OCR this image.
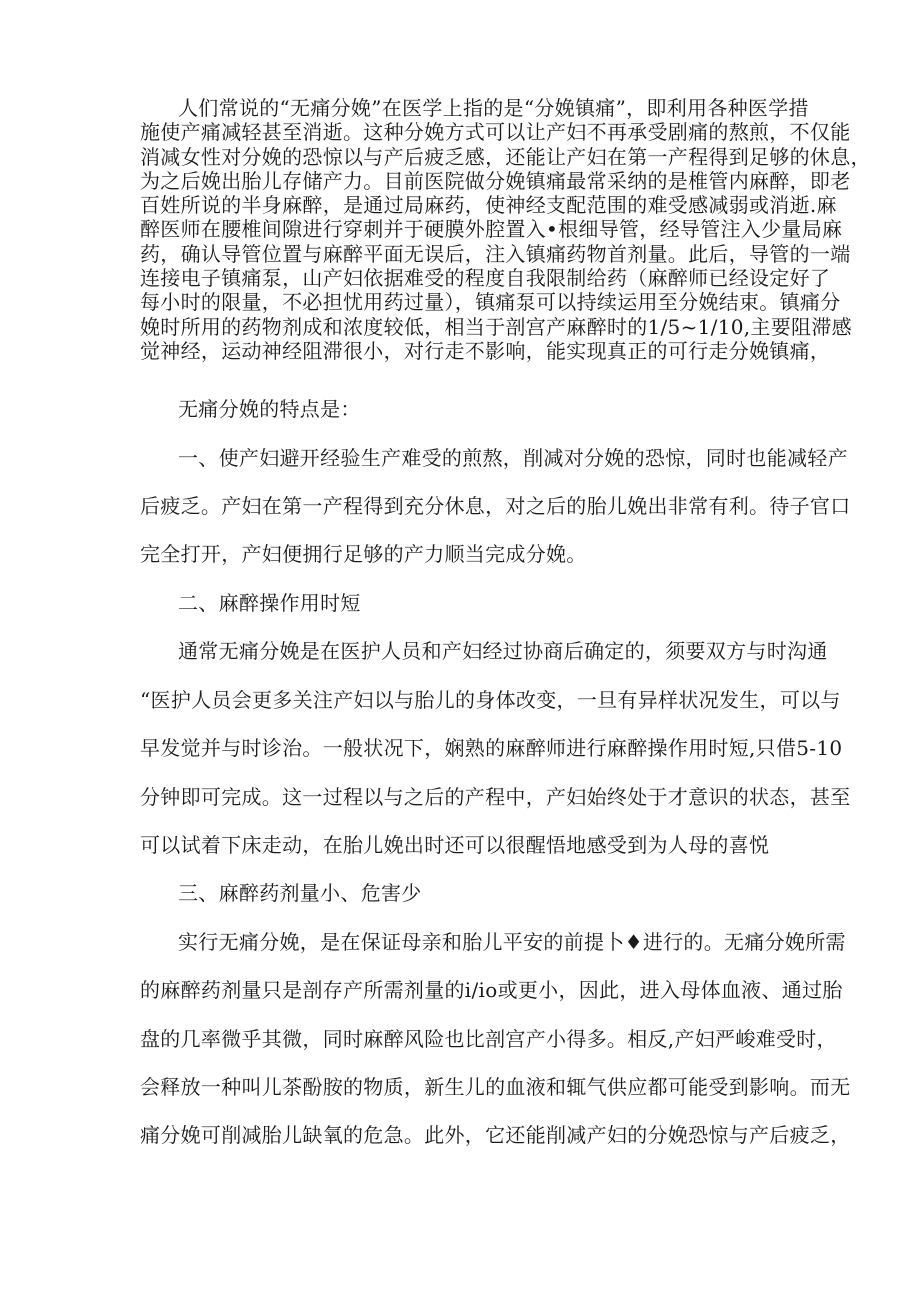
人们常说的“无痛分娩”在医学上指的是“分娩镇痛”，即利用各种医学措
施使产痛减轻甚至消逝。这种分娩方式可以让产妇不再承受剧痛的熬煎，不仅能
消减女性对分娩的恐惊以与产后疲乏感，还能让产妇在第一产程得到足够的休息，
为之后娩出胎儿存储产力。目前医院做分娩镇痛最常采纳的是椎管内麻醉，即老
百姓所说的半身麻醉，是通过局麻药，使神经支配范围的难受感减弱或消逝.麻
醉医师在腰椎间隙进行穿刺并于硬膜外腔置入•根细导管，经导管注入少量局麻
药，确认导管位置与麻醉平面无误后，注入镇痛药物首剂量。此后，导管的一端
连接电子镇痛泵，山产妇依据难受的程度自我限制给药（麻醉师已经设定好了
每小时的限量，不必担忧用药过量），镇痛泵可以持续运用至分娩结束。镇痛分
娩时所用的药物剂成和浓度较低，相当于剖宫产麻醉时的1/5~1/10,主要阻滞感
觉神经，运动神经阻滞很小，对行走不影响，能实现真正的可行走分娩镇痛，
无痛分娩的特点是：
一、使产妇避开经验生产难受的煎熬，削减对分娩的恐惊，同时也能减轻产
后疲乏。产妇在第一产程得到充分休息，对之后的胎儿娩出非常有利。待子官口
完全打开，产妇便拥行足够的产力顺当完成分娩。
二、麻醉操作用时短
通常无痛分娩是在医护人员和产妇经过协商后确定的，须要双方与时沟通
“医护人员会更多关注产妇以与胎儿的身体改变，一旦有异样状况发生，可以与
早发觉并与时诊治。一般状况下，娴熟的麻醉师进行麻醉操作用时短,只借5-10
分钟即可完成。这一过程以与之后的产程中，产妇始终处于才意识的状态，甚至
可以试着下床走动，在胎儿娩出时还可以很醒悟地感受到为人母的喜悦
三、麻醉药剂量小、危害少
实行无痛分娩，是在保证母亲和胎儿平安的前提卜♦进行的。无痛分娩所需
的麻醉药剂量只是剖存产所需剂量的i/io或更小，因此，进入母体血液、通过胎
盘的几率微乎其微，同时麻醉风险也比剖宫产小得多。相反,产妇严峻难受时，
会释放一种叫儿茶酚胺的物质，新生儿的血液和辄气供应都可能受到影响。而无
痛分娩可削减胎儿缺氧的危急。此外，它还能削减产妇的分娩恐惊与产后疲乏，
